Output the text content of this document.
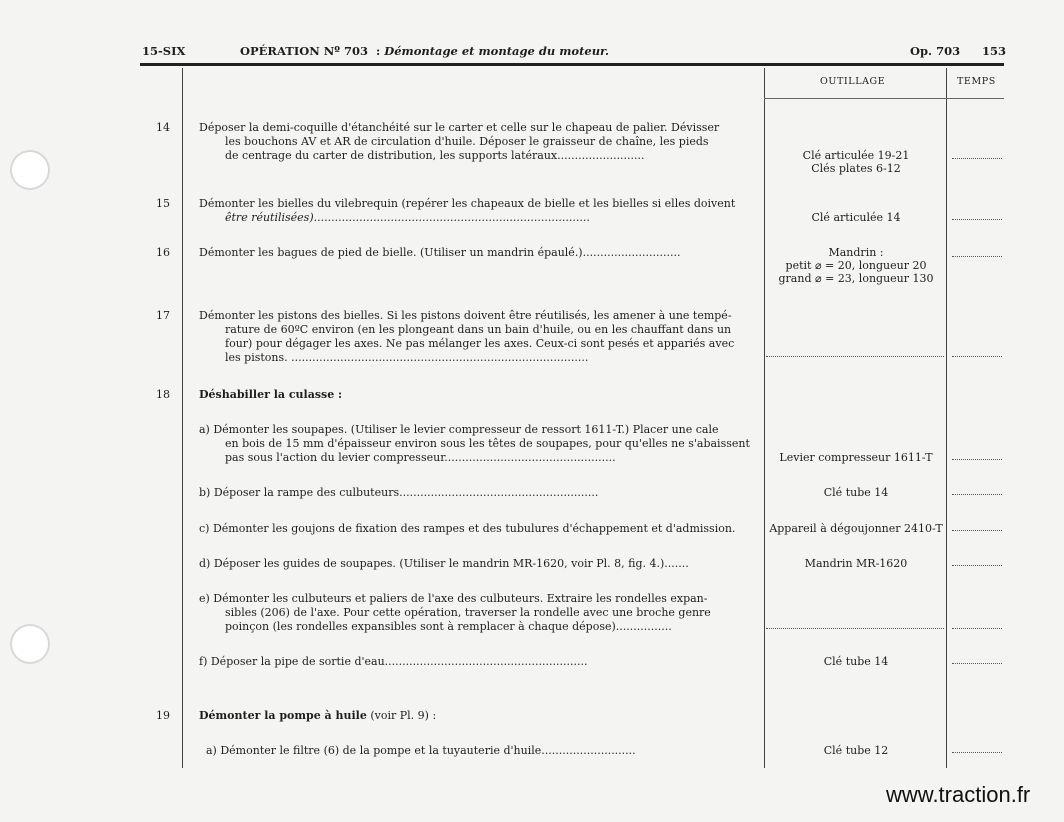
15-SIX	OPÉRATION Nº 703 : Démontage et montage du moteur.	Op. 703 153
OUTILLAGE	TEMPS
14	Déposer la demi-coquille d'étanchéité sur le carter et celle sur le chapeau de palier. Dévisser
les bouchons AV et AR de circulation d'huile. Déposer le graisseur de chaîne, les pieds
de centrage du carter de distribution, les supports latéraux.........................	Clé articulée 19-21
Clés plates 6-12
15	Démonter les bielles du vilebrequin (repérer les chapeaux de bielle et les bielles si elles doivent
être réutilisées)...............................................................................	Clé articulée 14
16	Démonter les bagues de pied de bielle. (Utiliser un mandrin épaulé.)............................	Mandrin :
petit ⌀ = 20, longueur 20
grand ⌀ = 23, longueur 130
17	Démonter les pistons des bielles. Si les pistons doivent être réutilisés, les amener à une tempé-
rature de 60ºC environ (en les plongeant dans un bain d'huile, ou en les chauffant dans un
four) pour dégager les axes. Ne pas mélanger les axes. Ceux-ci sont pesés et appariés avec
les pistons. .....................................................................................
18	Déshabiller la culasse :
a) Démonter les soupapes. (Utiliser le levier compresseur de ressort 1611-T.) Placer une cale
en bois de 15 mm d'épaisseur environ sous les têtes de soupapes, pour qu'elles ne s'abaissent
pas sous l'action du levier compresseur.................................................	Levier compresseur 1611-T
b) Déposer la rampe des culbuteurs.........................................................	Clé tube 14
c) Démonter les goujons de fixation des rampes et des tubulures d'échappement et d'admission.	Appareil à dégoujonner 2410-T
d) Déposer les guides de soupapes. (Utiliser le mandrin MR-1620, voir Pl. 8, fig. 4.).......	Mandrin MR-1620
e) Démonter les culbuteurs et paliers de l'axe des culbuteurs. Extraire les rondelles expan-
sibles (206) de l'axe. Pour cette opération, traverser la rondelle avec une broche genre
poinçon (les rondelles expansibles sont à remplacer à chaque dépose)................
f) Déposer la pipe de sortie d'eau..........................................................	Clé tube 14
19	Démonter la pompe à huile (voir Pl. 9) :
a) Démonter le filtre (6) de la pompe et la tuyauterie d'huile...........................	Clé tube 12
www.traction.fr
